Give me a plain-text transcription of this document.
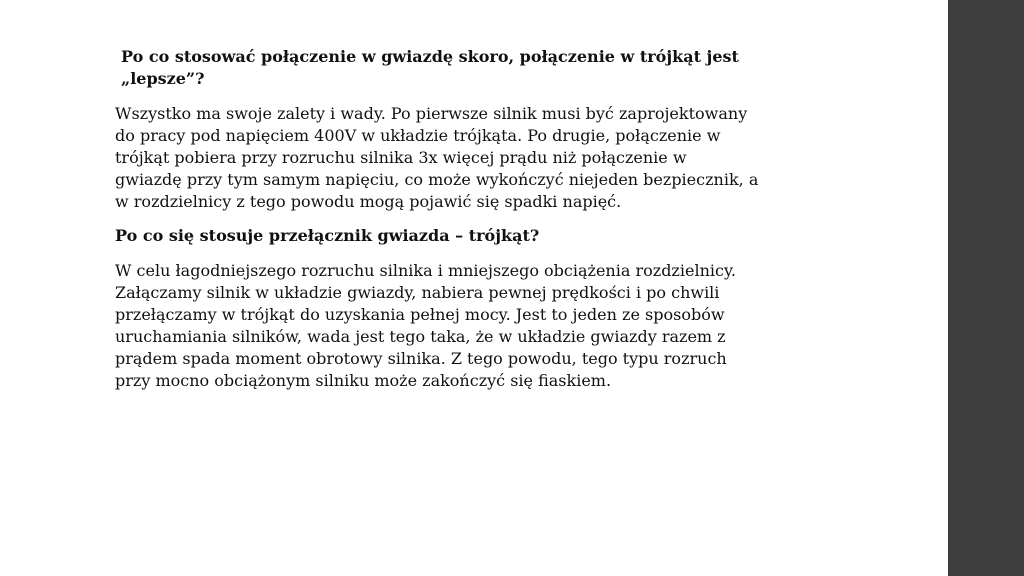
Po co stosować połączenie w gwiazdę skoro, połączenie w trójkąt jest
„lepsze”?
Wszystko ma swoje zalety i wady. Po pierwsze silnik musi być zaprojektowany
do pracy pod napięciem 400V w układzie trójkąta. Po drugie, połączenie w
trójkąt pobiera przy rozruchu silnika 3x więcej prądu niż połączenie w
gwiazdę przy tym samym napięciu, co może wykończyć niejeden bezpiecznik, a
w rozdzielnicy z tego powodu mogą pojawić się spadki napięć.
Po co się stosuje przełącznik gwiazda – trójkąt?
W celu łagodniejszego rozruchu silnika i mniejszego obciążenia rozdzielnicy.
Załączamy silnik w układzie gwiazdy, nabiera pewnej prędkości i po chwili
przełączamy w trójkąt do uzyskania pełnej mocy. Jest to jeden ze sposobów
uruchamiania silników, wada jest tego taka, że w układzie gwiazdy razem z
prądem spada moment obrotowy silnika. Z tego powodu, tego typu rozruch
przy mocno obciążonym silniku może zakończyć się fiaskiem.
